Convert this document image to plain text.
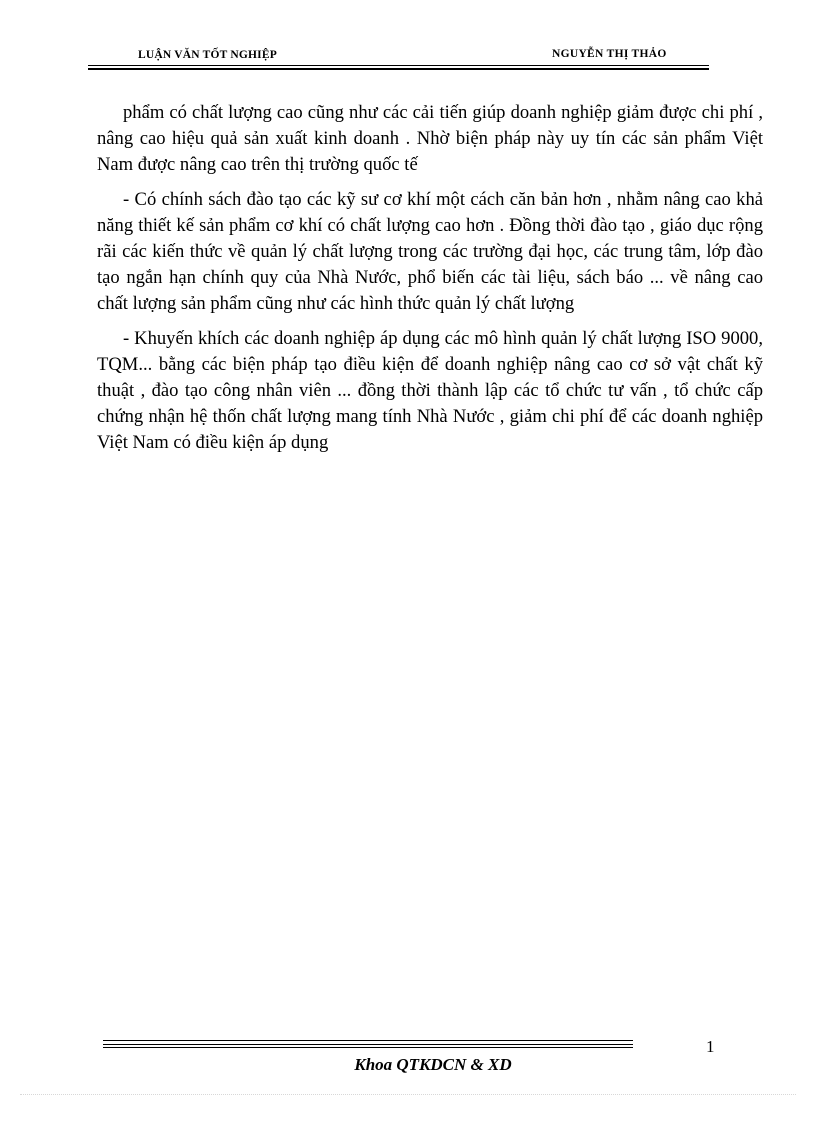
LUẬN VĂN TỐT NGHIỆP	NGUYỄN THỊ THẢO

phẩm có chất lượng cao cũng như các cải tiến giúp doanh nghiệp giảm được chi phí , nâng cao hiệu quả sản xuất kinh doanh . Nhờ biện pháp này uy tín các sản phẩm Việt Nam được nâng cao trên thị trường quốc tế

- Có chính sách đào tạo các kỹ sư cơ khí một cách căn bản hơn , nhằm nâng cao khả năng thiết kế sản phẩm cơ khí có chất lượng cao hơn . Đồng thời đào tạo , giáo dục rộng rãi các kiến thức về quản lý chất lượng trong các trường đại học, các trung tâm, lớp đào tạo ngắn hạn chính quy của Nhà Nước, phổ biến các tài liệu, sách báo ... về nâng cao chất lượng sản phẩm cũng như các hình thức quản lý chất lượng

- Khuyến khích các doanh nghiệp áp dụng các mô hình quản lý chất lượng ISO 9000, TQM... bằng các biện pháp tạo điều kiện để doanh nghiệp nâng cao cơ sở vật chất kỹ thuật , đào tạo công nhân viên ... đồng thời thành lập các tổ chức tư vấn , tổ chức cấp chứng nhận hệ thốn chất lượng mang tính Nhà Nước , giảm chi phí để các doanh nghiệp Việt Nam có điều kiện áp dụng

1
Khoa QTKDCN & XD
